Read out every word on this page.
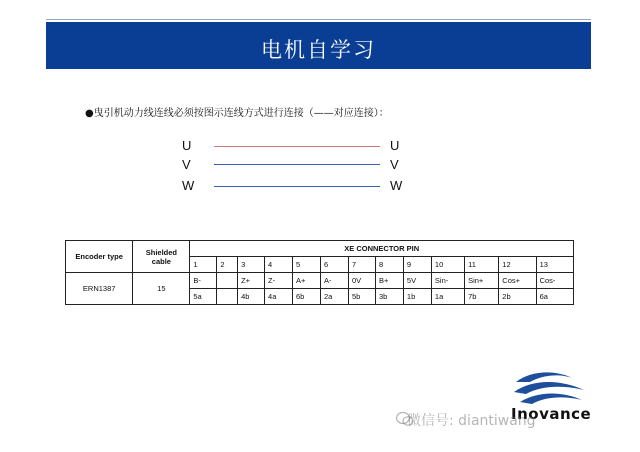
电机自学习
●曳引机动力线连线必须按图示连线方式进行连接（——对应连接）：
U	U
V	V
W	W
Encoder type	Shielded cable	XE CONNECTOR PIN												
		1	2	3	4	5	6	7	8	9	10	11	12	13
ERN1387	15	B-		Z+	Z-	A+	A-	0V	B+	5V	Sin-	Sin+	Cos+	Cos-
		5a		4b	4a	6b	2a	5b	3b	1b	1a	7b	2b	6a
Inovance
微信号: diantiwang
